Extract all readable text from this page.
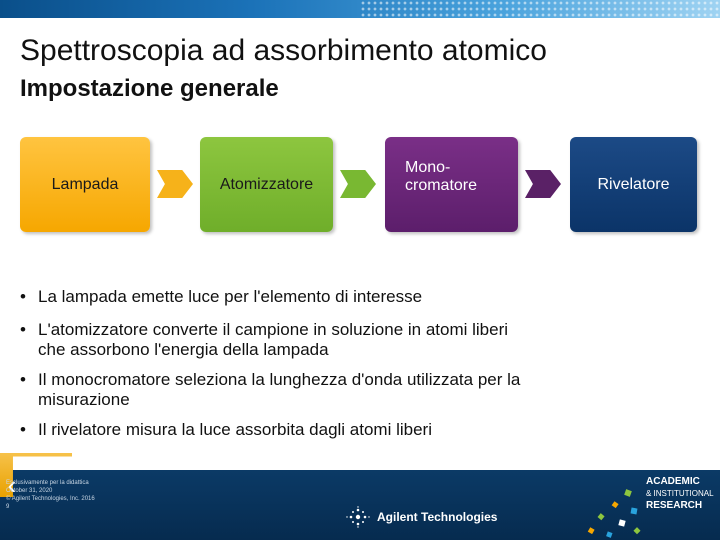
Spettroscopia ad assorbimento atomico
Impostazione generale
Lampada	Atomizzatore
Mono-
cromatore	Rivelatore
• La lampada emette luce per l'elemento di interesse
• L'atomizzatore converte il campione in soluzione in atomi liberi
che assorbono l'energia della lampada
• Il monocromatore seleziona la lunghezza d'onda utilizzata per la
misurazione
• Il rivelatore misura la luce assorbita dagli atomi liberi
‹
Esclusivamente per la didattica
October 31, 2020
© Agilent Technologies, Inc. 2016
9
Agilent Technologies
ACADEMIC
& INSTITUTIONAL
RESEARCH
